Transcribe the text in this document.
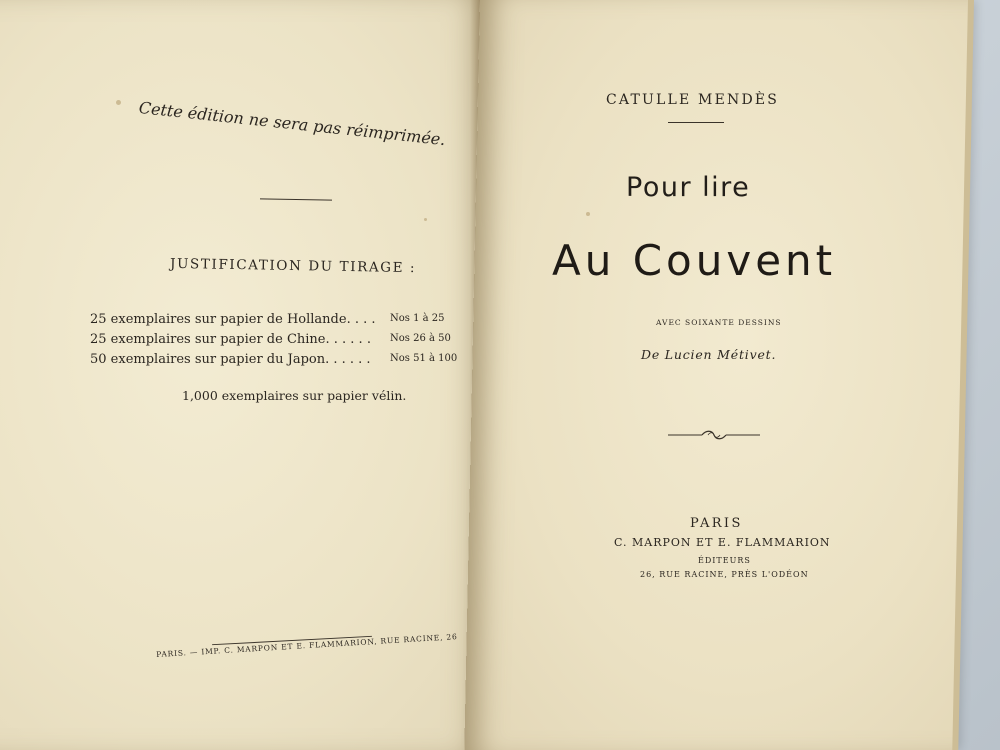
Cette édition ne sera pas réimprimée.
JUSTIFICATION DU TIRAGE :
25 exemplaires sur papier de Hollande. . . . Nos 1 à 25
25 exemplaires sur papier de Chine. . . . . . Nos 26 à 50
50 exemplaires sur papier du Japon. . . . . . Nos 51 à 100
1,000 exemplaires sur papier vélin.
PARIS. — IMP. C. MARPON ET E. FLAMMARION, RUE RACINE, 26
CATULLE MENDÈS
Pour lire
Au Couvent
AVEC SOIXANTE DESSINS
De Lucien Métivet.
PARIS
C. MARPON ET E. FLAMMARION
ÉDITEURS
26, RUE RACINE, PRÈS L'ODÉON
